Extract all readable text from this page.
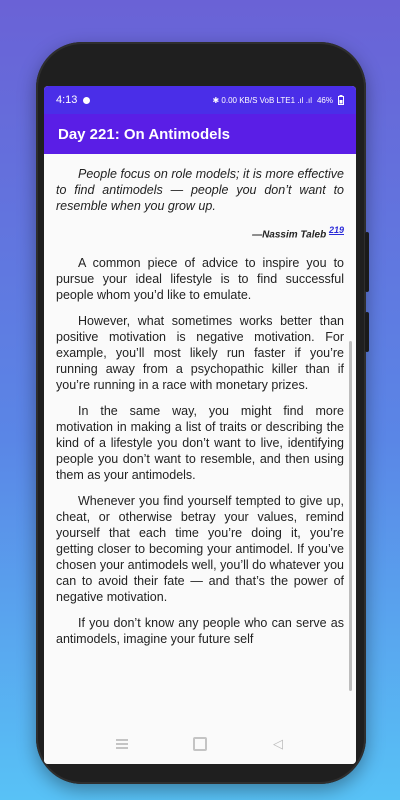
4:13	✱ 0.00 KB/S VoB LTE1 .ıl .ıl 46%
Day 221: On Antimodels

People focus on role models; it is more effective to find antimodels — people you don’t want to resemble when you grow up.

—Nassim Taleb $^{219}$

A common piece of advice to inspire you to pursue your ideal lifestyle is to find successful people whom you’d like to emulate.

However, what sometimes works better than positive motivation is negative motivation. For example, you’ll most likely run faster if you’re running away from a psychopathic killer than if you’re running in a race with monetary prizes.

In the same way, you might find more motivation in making a list of traits or describing the kind of a lifestyle you don’t want to live, identifying people you don’t want to resemble, and then using them as your antimodels.

Whenever you find yourself tempted to give up, cheat, or otherwise betray your values, remind yourself that each time you’re doing it, you’re getting closer to becoming your antimodel. If you’ve chosen your antimodels well, you’ll do whatever you can to avoid their fate — and that’s the power of negative motivation.

If you don’t know any people who can serve as antimodels, imagine your future self

◁
